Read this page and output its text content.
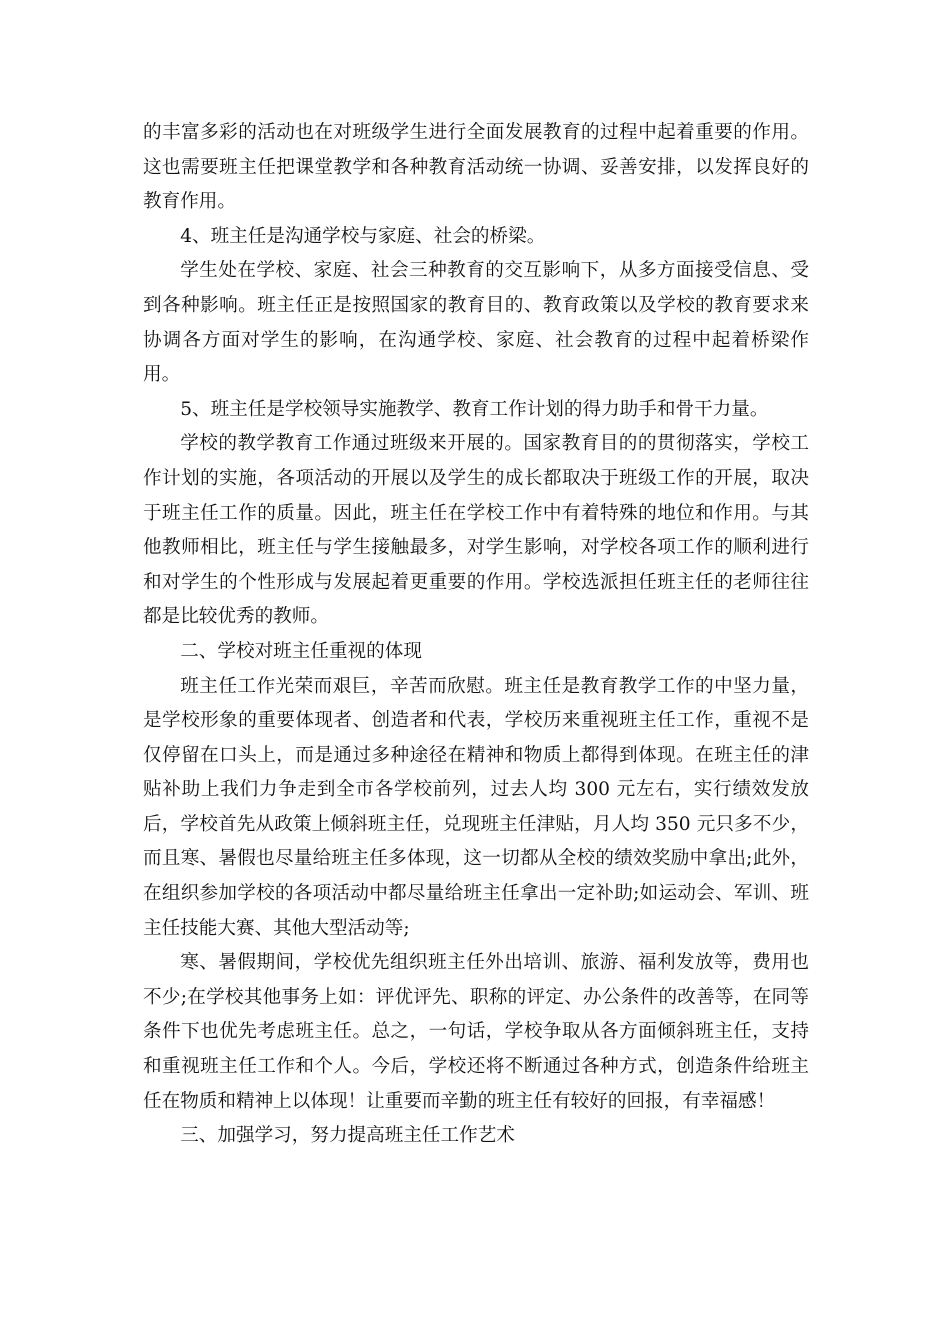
的丰富多彩的活动也在对班级学生进行全面发展教育的过程中起着重要的作用。这也需要班主任把课堂教学和各种教育活动统一协调、妥善安排，以发挥良好的教育作用。

4、班主任是沟通学校与家庭、社会的桥梁。

学生处在学校、家庭、社会三种教育的交互影响下，从多方面接受信息、受到各种影响。班主任正是按照国家的教育目的、教育政策以及学校的教育要求来协调各方面对学生的影响，在沟通学校、家庭、社会教育的过程中起着桥梁作用。

5、班主任是学校领导实施教学、教育工作计划的得力助手和骨干力量。

学校的教学教育工作通过班级来开展的。国家教育目的的贯彻落实，学校工作计划的实施，各项活动的开展以及学生的成长都取决于班级工作的开展，取决于班主任工作的质量。因此，班主任在学校工作中有着特殊的地位和作用。与其他教师相比，班主任与学生接触最多，对学生影响，对学校各项工作的顺利进行和对学生的个性形成与发展起着更重要的作用。学校选派担任班主任的老师往往都是比较优秀的教师。

二、学校对班主任重视的体现

班主任工作光荣而艰巨，辛苦而欣慰。班主任是教育教学工作的中坚力量，是学校形象的重要体现者、创造者和代表，学校历来重视班主任工作，重视不是仅停留在口头上，而是通过多种途径在精神和物质上都得到体现。在班主任的津贴补助上我们力争走到全市各学校前列，过去人均 300 元左右，实行绩效发放后，学校首先从政策上倾斜班主任，兑现班主任津贴，月人均 350 元只多不少，而且寒、暑假也尽量给班主任多体现，这一切都从全校的绩效奖励中拿出;此外，在组织参加学校的各项活动中都尽量给班主任拿出一定补助;如运动会、军训、班主任技能大赛、其他大型活动等;

寒、暑假期间，学校优先组织班主任外出培训、旅游、福利发放等，费用也不少;在学校其他事务上如：评优评先、职称的评定、办公条件的改善等，在同等条件下也优先考虑班主任。总之，一句话，学校争取从各方面倾斜班主任，支持和重视班主任工作和个人。今后，学校还将不断通过各种方式，创造条件给班主任在物质和精神上以体现！让重要而辛勤的班主任有较好的回报，有幸福感！

三、加强学习，努力提高班主任工作艺术
